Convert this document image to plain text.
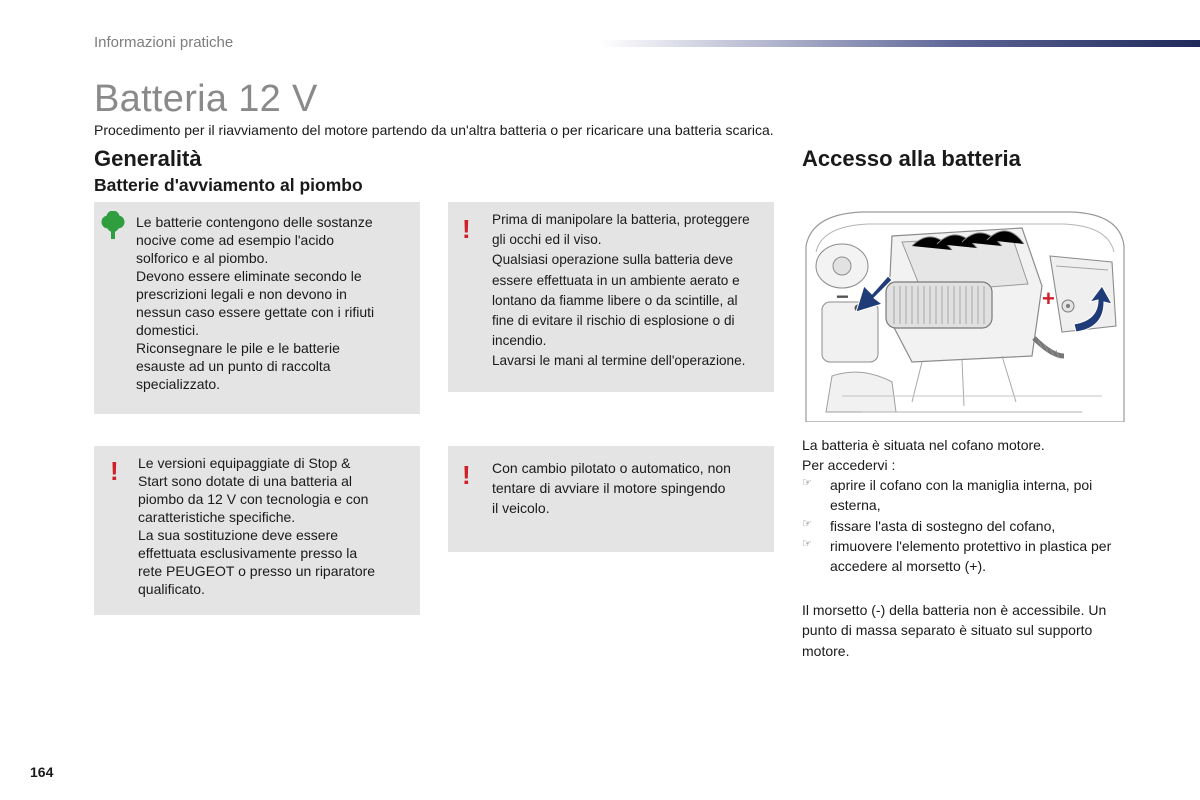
Informazioni pratiche
Batteria 12 V
Procedimento per il riavviamento del motore partendo da un'altra batteria o per ricaricare una batteria scarica.
Generalità
Batterie d'avviamento al piombo
Le batterie contengono delle sostanze
nocive come ad esempio l'acido
solforico e al piombo.
Devono essere eliminate secondo le
prescrizioni legali e non devono in
nessun caso essere gettate con i rifiuti
domestici.
Riconsegnare le pile e le batterie
esauste ad un punto di raccolta
specializzato.
! Le versioni equipaggiate di Stop &
Start sono dotate di una batteria al
piombo da 12 V con tecnologia e con
caratteristiche specifiche.
La sua sostituzione deve essere
effettuata esclusivamente presso la
rete PEUGEOT o presso un riparatore
qualificato.
! Prima di manipolare la batteria, proteggere
gli occhi ed il viso.
Qualsiasi operazione sulla batteria deve
essere effettuata in un ambiente aerato e
lontano da fiamme libere o da scintille, al
fine di evitare il rischio di esplosione o di
incendio.
Lavarsi le mani al termine dell'operazione.
! Con cambio pilotato o automatico, non
tentare di avviare il motore spingendo
il veicolo.
Accesso alla batteria
−	+
La batteria è situata nel cofano motore.
Per accedervi :
☞	aprire il cofano con la maniglia interna, poi esterna,
☞	fissare l'asta di sostegno del cofano,
☞	rimuovere l'elemento protettivo in plastica per accedere al morsetto (+).
Il morsetto (-) della batteria non è accessibile. Un punto di massa separato è situato sul supporto motore.
164
